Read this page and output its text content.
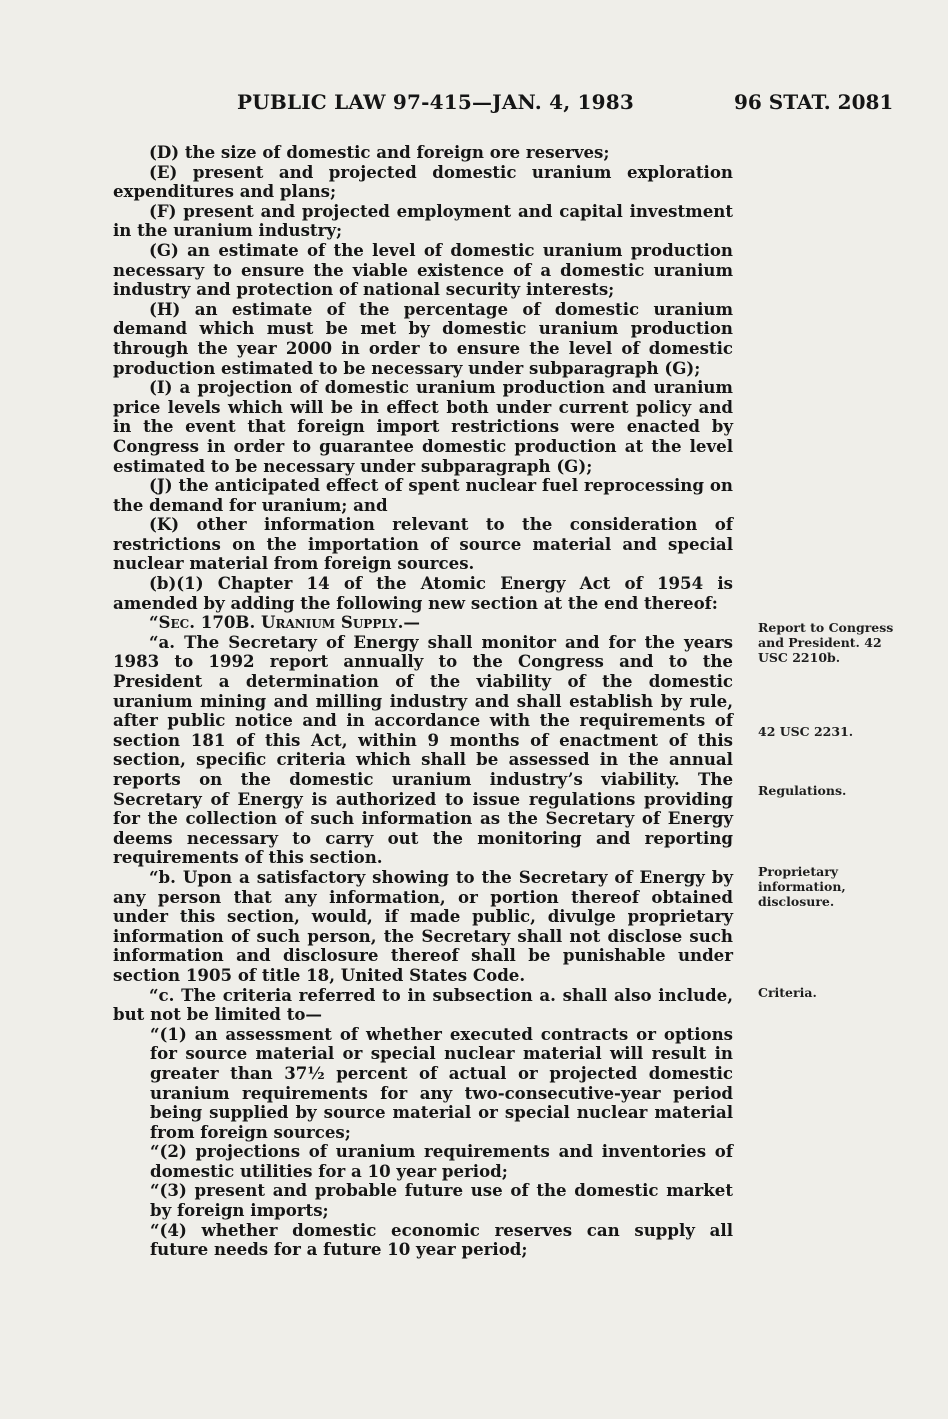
PUBLIC LAW 97-415—JAN. 4, 1983	96 STAT. 2081

(D) the size of domestic and foreign ore reserves;

(E) present and projected domestic uranium exploration expenditures and plans;

(F) present and projected employment and capital investment in the uranium industry;

(G) an estimate of the level of domestic uranium production necessary to ensure the viable existence of a domestic uranium industry and protection of national security interests;

(H) an estimate of the percentage of domestic uranium demand which must be met by domestic uranium production through the year 2000 in order to ensure the level of domestic production estimated to be necessary under subparagraph (G);

(I) a projection of domestic uranium production and uranium price levels which will be in effect both under current policy and in the event that foreign import restrictions were enacted by Congress in order to guarantee domestic production at the level estimated to be necessary under subparagraph (G);

(J) the anticipated effect of spent nuclear fuel reprocessing on the demand for uranium; and

(K) other information relevant to the consideration of restrictions on the importation of source material and special nuclear material from foreign sources.

(b)(1) Chapter 14 of the Atomic Energy Act of 1954 is amended by adding the following new section at the end thereof:

“Sec. 170B. Uranium Supply.—

“a. The Secretary of Energy shall monitor and for the years 1983 to 1992 report annually to the Congress and to the President a determination of the viability of the domestic uranium mining and milling industry and shall establish by rule, after public notice and in accordance with the requirements of section 181 of this Act, within 9 months of enactment of this section, specific criteria which shall be assessed in the annual reports on the domestic uranium industry’s viability. The Secretary of Energy is authorized to issue regulations providing for the collection of such information as the Secretary of Energy deems necessary to carry out the monitoring and reporting requirements of this section.

“b. Upon a satisfactory showing to the Secretary of Energy by any person that any information, or portion thereof obtained under this section, would, if made public, divulge proprietary information of such person, the Secretary shall not disclose such information and disclosure thereof shall be punishable under section 1905 of title 18, United States Code.

“c. The criteria referred to in subsection a. shall also include, but not be limited to—

“(1) an assessment of whether executed contracts or options for source material or special nuclear material will result in greater than 37½ percent of actual or projected domestic uranium requirements for any two-consecutive-year period being supplied by source material or special nuclear material from foreign sources;

“(2) projections of uranium requirements and inventories of domestic utilities for a 10 year period;

“(3) present and probable future use of the domestic market by foreign imports;

“(4) whether domestic economic reserves can supply all future needs for a future 10 year period;

Report to Congress and President. 42 USC 2210b.
42 USC 2231.
Regulations.
Proprietary information, disclosure.
Criteria.
